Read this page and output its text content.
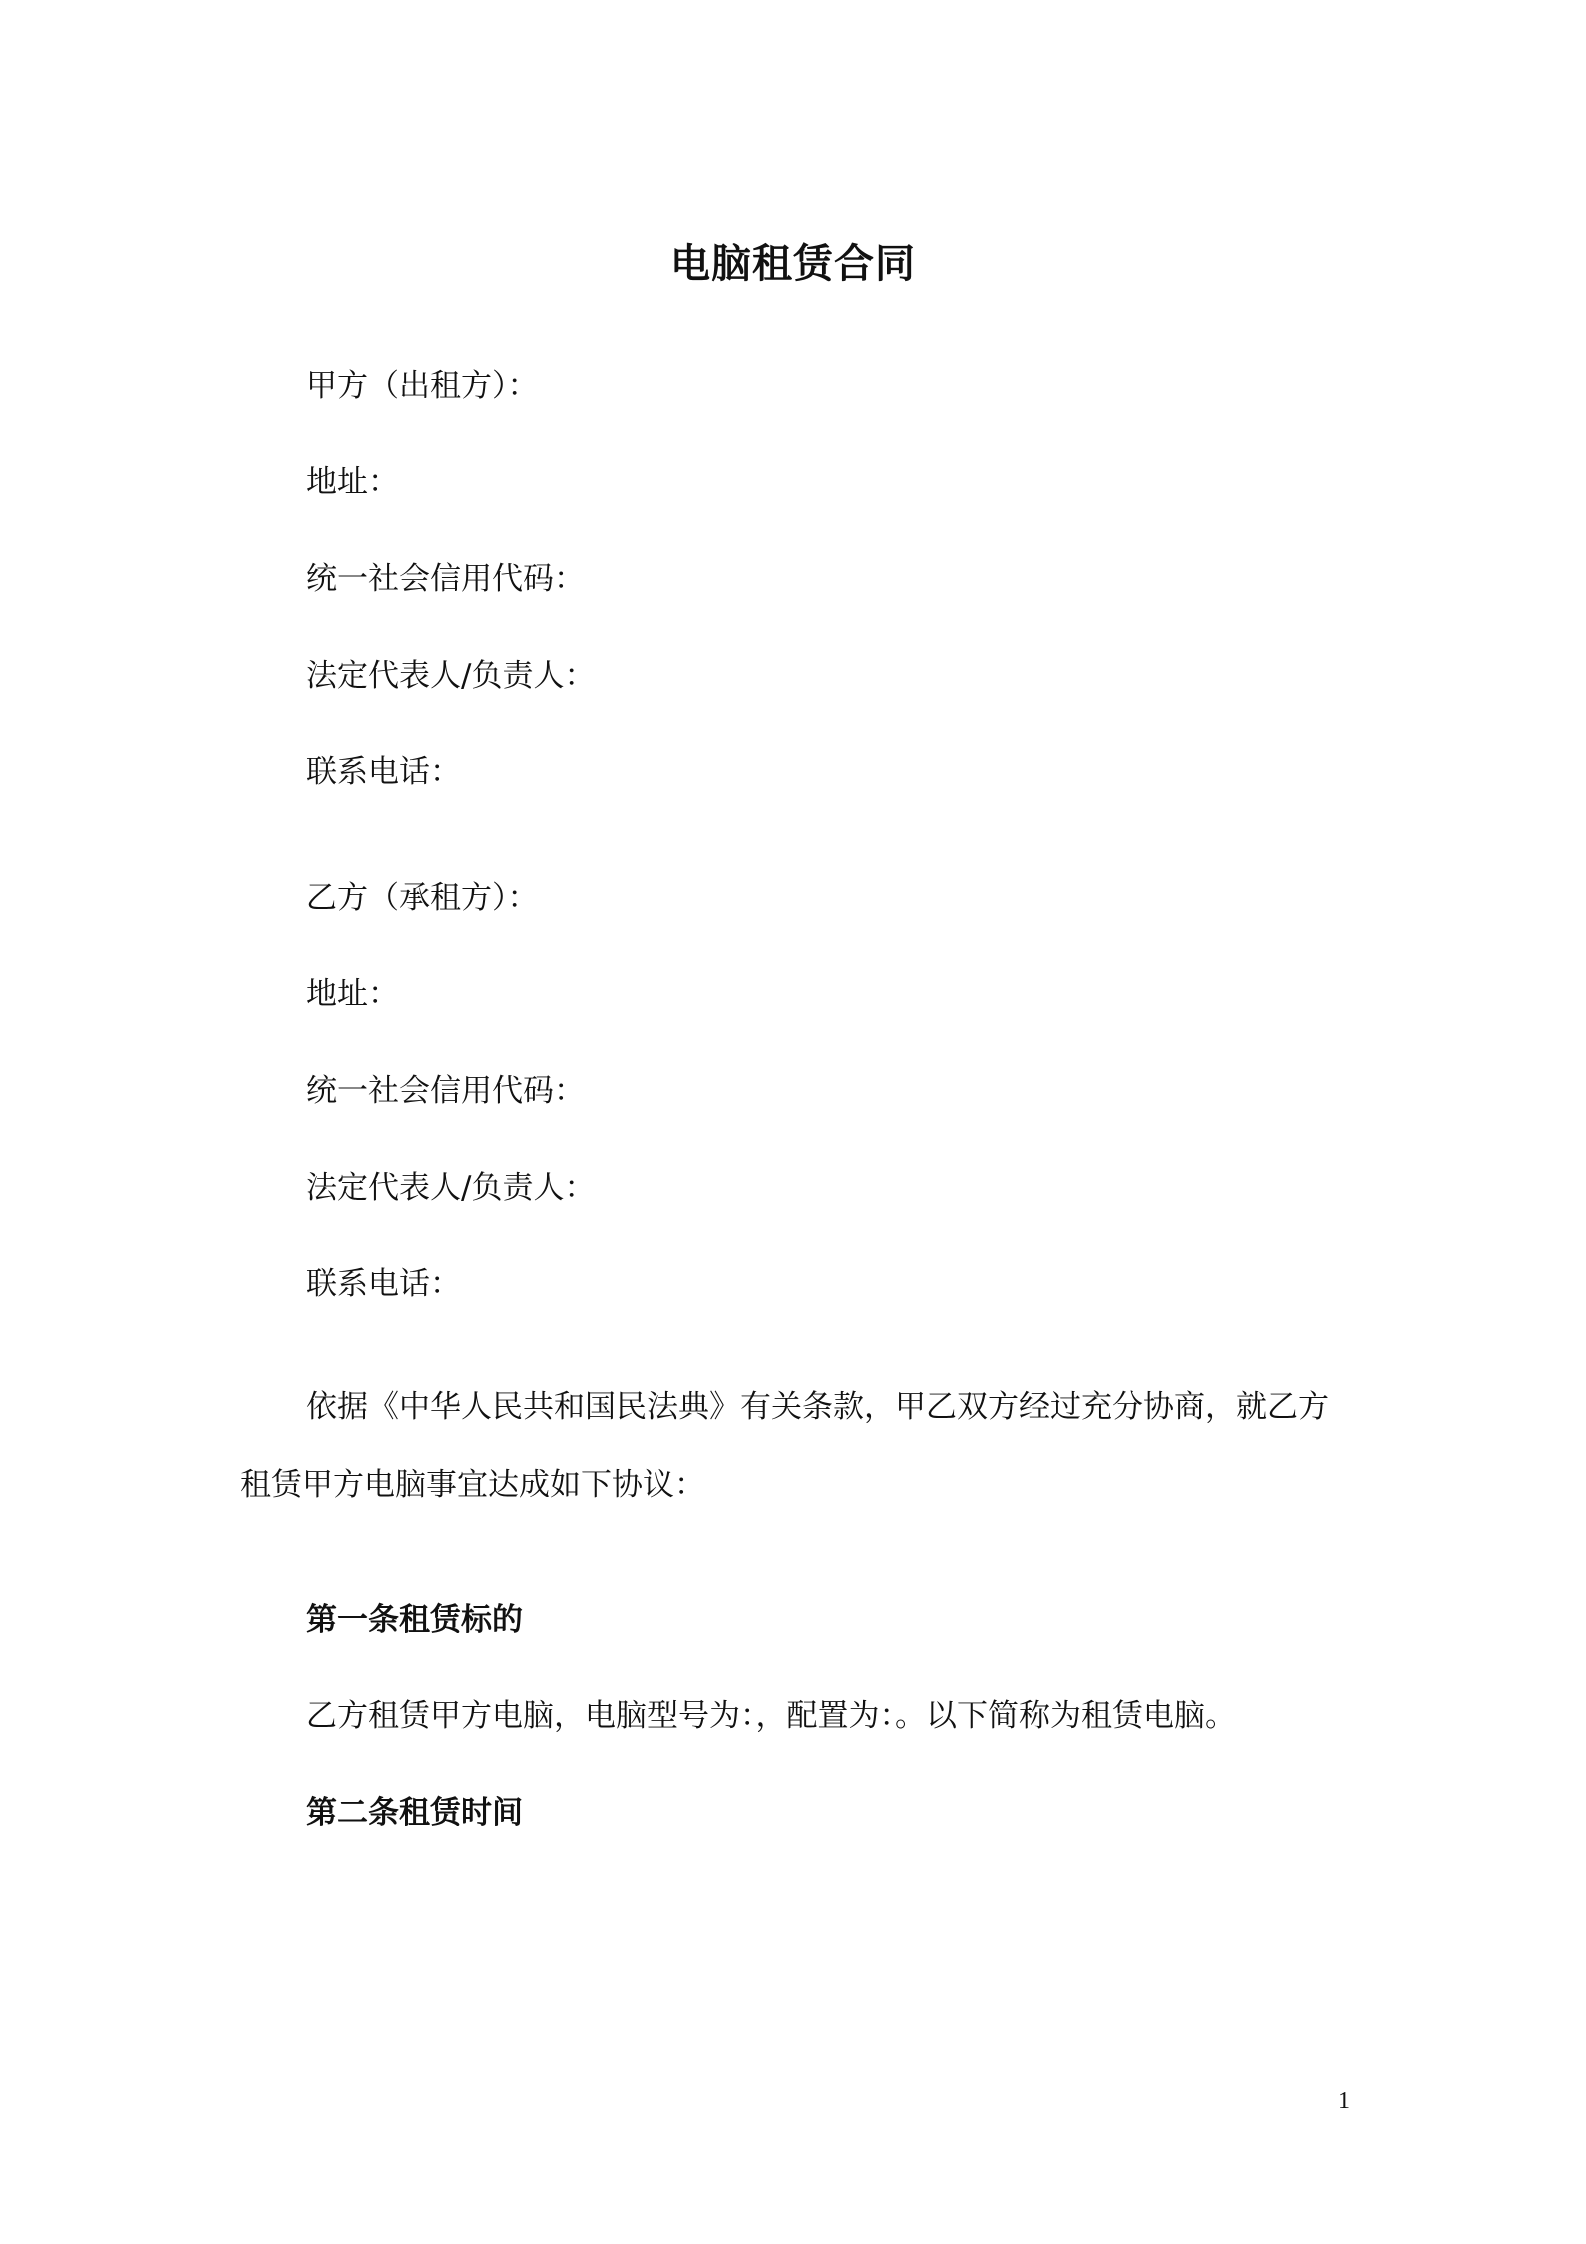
电脑租赁合同
甲方（出租方）：
地址：
统一社会信用代码：
法定代表人/负责人：
联系电话：
乙方（承租方）：
地址：
统一社会信用代码：
法定代表人/负责人：
联系电话：
依据《中华人民共和国民法典》有关条款，甲乙双方经过充分协商，就乙方租赁甲方电脑事宜达成如下协议：
第一条租赁标的
乙方租赁甲方电脑，电脑型号为：，配置为：。以下简称为租赁电脑。
第二条租赁时间
1
